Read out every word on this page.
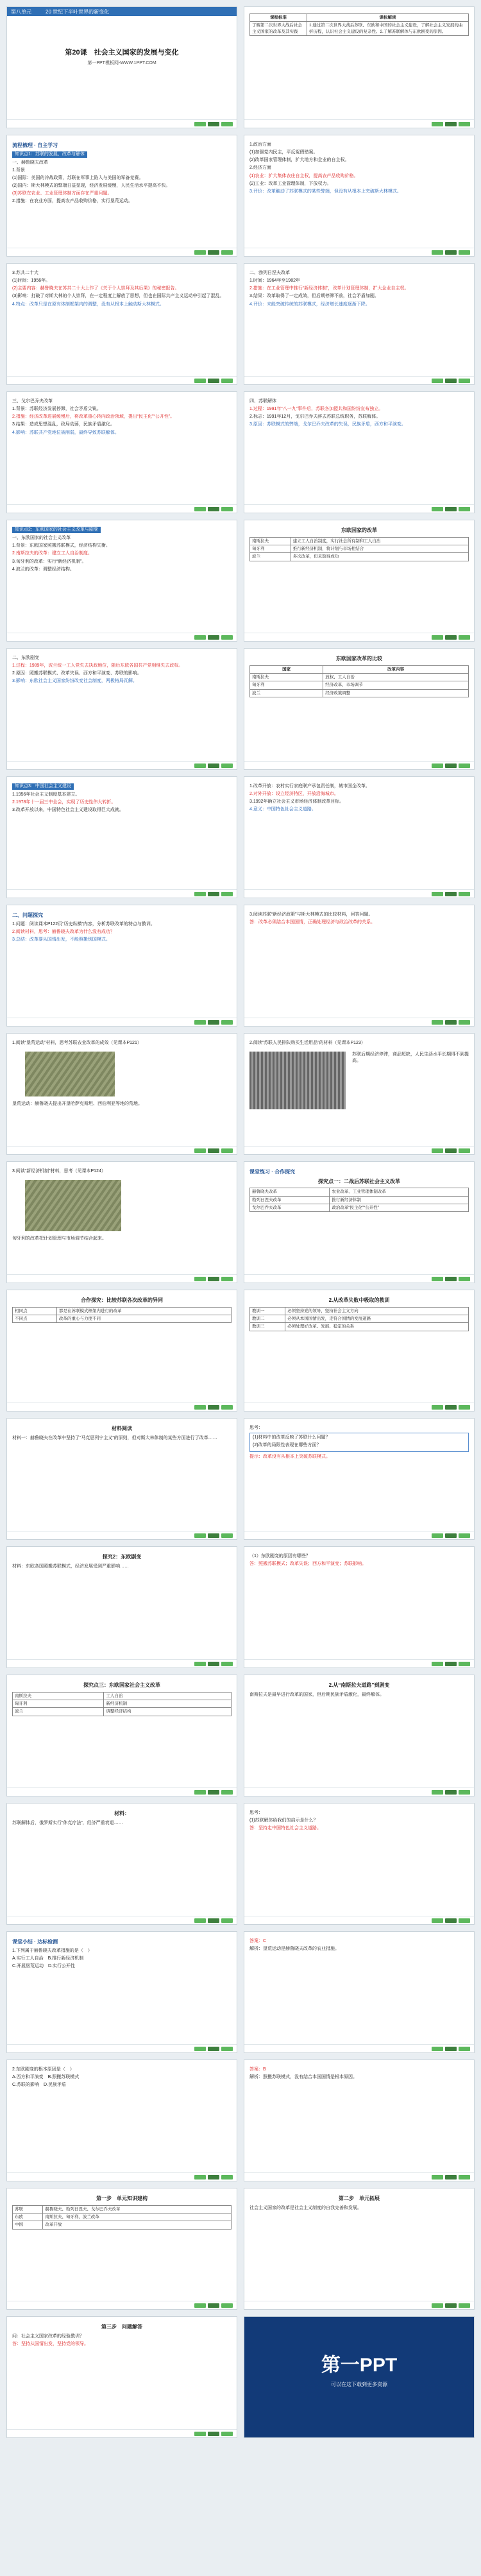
第八单元	20 世纪下半叶世界的新变化
第20课　社会主义国家的发展与变化
第一PPT模板网-WWW.1PPT.COM
课程标准	课标解读
了解第二次世界大战后社会主义国家的改革及其实践	1.通过第二次世界大战后苏联、东欧和中国的社会主义建设，了解社会主义发展的曲折历程，认识社会主义建设的复杂性。2.了解苏联解体与东欧剧变的原因。
流程梳理 · 自主学习
知识点1：苏联的发展、改革与解体

一、赫鲁晓夫改革

1.背景

(1)国际：美国的冷战政策，苏联在军事上陷入与美国的军备竞赛。

(2)国内：斯大林模式的弊端日益显现，经济发展缓慢，人民生活水平提高不快。

(3)苏联在农业、工业管理体制方面存在严重问题。

2.措施：在农业方面，提高农产品收购价格，实行垦荒运动。

1.政治方面

(1)加强党内民主，平反冤假错案。

(2)改革国家管理体制，扩大地方和企业的自主权。

2.经济方面

(1)农业：扩大集体农庄自主权，提高农产品收购价格。

(2)工业：改革工业管理体制，下放权力。

3.评价：改革触动了苏联模式的某些弊端，但没有从根本上突破斯大林模式。

3.苏共二十大

(1)时间：1956年。

(2)主要内容：赫鲁晓夫在苏共二十大上作了《关于个人崇拜及其后果》的秘密报告。

(3)影响：打破了对斯大林的个人崇拜，在一定程度上解放了思想，但也在国际共产主义运动中引起了混乱。

4.特点：改革只是在原有体制框架内的调整，没有从根本上触动斯大林模式。

二、勃列日涅夫改革

1.时间：1964年至1982年

2.措施：在工业管理中推行“新经济体制”，改革计划管理体制，扩大企业自主权。

3.结果：改革取得了一定成效，但后期停滞不前，社会矛盾加剧。

4.评价：未能突破传统的苏联模式，经济增长速度逐渐下降。

三、戈尔巴乔夫改革

1.背景：苏联经济发展停滞，社会矛盾尖锐。

2.措施：经济改革进展缓慢后，将改革重心转向政治领域，提出“民主化”“公开性”。

3.结果：造成思想混乱，政局动荡，民族矛盾激化。

4.影响：苏联共产党地位被削弱，最终导致苏联解体。

四、苏联解体

1.过程：1991年“八一九”事件后，苏联各加盟共和国纷纷宣布独立。

2.标志：1991年12月，戈尔巴乔夫辞去苏联总统职务，苏联解体。

3.原因：苏联模式的弊端，戈尔巴乔夫改革的失误，民族矛盾，西方和平演变。

知识点2：东欧国家的社会主义改革与剧变

一、东欧国家的社会主义改革

1.背景：东欧国家照搬苏联模式，经济结构失衡。

2.南斯拉夫的改革：建立工人自治制度。

3.匈牙利的改革：实行“新经济机制”。

4.波兰的改革：调整经济结构。

东欧国家的改革
南斯拉夫	建立工人自治制度，实行社会所有制和工人自治
匈牙利	推行新经济机制，将计划与市场相结合
波兰	多次改革，但未取得成功

二、东欧剧变

1.过程：1989年，波兰统一工人党失去执政地位，随后东欧各国共产党相继失去政权。

2.原因：照搬苏联模式、改革失误、西方和平演变、苏联的影响。

3.影响：东欧社会主义国家纷纷改变社会制度，两极格局瓦解。

东欧国家改革的比较
国家	改革内容
南斯拉夫	放权、工人自治
匈牙利	经济改革，市场调节
波兰	经济政策调整
知识点3：中国社会主义建设

1.1956年社会主义制度基本建立。

2.1978年十一届三中全会，实现了历史性伟大转折。

3.改革开放以来，中国特色社会主义建设取得巨大成就。

1.改革开放：农村实行家庭联产承包责任制，城市国企改革。

2.对外开放：设立经济特区，开放沿海城市。

3.1992年确立社会主义市场经济体制改革目标。

4.意义：中国特色社会主义道路。

二、问题探究

1.问题：阅读课本P122页“历史纵横”内容，分析苏联改革的特点与教训。

2.阅读材料，思考：赫鲁晓夫改革为什么没有成功？

3.总结：改革要从国情出发，不能照搬别国模式。

3.阅读苏联“新经济政策”与斯大林模式的比较材料，回答问题。

答：改革必须结合本国国情，正确处理经济与政治改革的关系。

1.阅读“垦荒运动”材料，思考苏联农业改革的成效（见课本P121）

垦荒运动：赫鲁晓夫提出开垦哈萨克斯坦、西伯利亚等地的荒地。

2.阅读“苏联人民排队购买生活用品”的材料（见课本P123）

苏联后期经济停滞，商品短缺，人民生活水平长期得不到提高。

3.阅读“新经济机制”材料，思考（见课本P124）

匈牙利的改革把计划管理与市场调节结合起来。

课堂练习 · 合作探究
探究点一：二战后苏联社会主义改革
赫鲁晓夫改革	农业改革、工业管理体制改革
勃列日涅夫改革	推行新经济体制
戈尔巴乔夫改革	政治改革“民主化”“公开性”
合作探究：比较苏联各次改革的异同
相同点	都是在苏联模式框架内进行的改革
不同点	改革的重心与力度不同
2.从改革失败中吸取的教训
教训一	必须坚持党的领导，坚持社会主义方向
教训二	必须从本国国情出发，走符合国情的发展道路
教训三	必须处理好改革、发展、稳定的关系
材料阅读

材料一：赫鲁晓夫在改革中坚持了“马克思列宁主义”的原则，但对斯大林体制的某些方面进行了改革……

思考：

(1)材料中的改革反映了苏联什么问题？

(2)改革的局限性表现在哪些方面？

提示：改革没有从根本上突破苏联模式。

探究2：东欧剧变

材料：东欧各国照搬苏联模式，经济发展受到严重影响……

（1）东欧剧变的原因有哪些？

答：照搬苏联模式；改革失误；西方和平演变；苏联影响。

探究点三：东欧国家社会主义改革
南斯拉夫	工人自治
匈牙利	新经济机制
波兰	调整经济结构
2.从“南斯拉夫道路”到剧变

南斯拉夫是最早进行改革的国家，但后期民族矛盾激化，最终解体。

材料：

苏联解体后，俄罗斯实行“休克疗法”，经济严重衰退……

思考：

(1)苏联解体给我们的启示是什么？

答：坚持走中国特色社会主义道路。

课堂小结 · 达标检测

1.下列属于赫鲁晓夫改革措施的是（　）

A.实行工人自治　B.推行新经济机制

C.开展垦荒运动　D.实行公开性

答案：C

解析：垦荒运动是赫鲁晓夫改革的农业措施。

2.东欧剧变的根本原因是（　）

A.西方和平演变　B.照搬苏联模式

C.苏联的影响　D.民族矛盾

答案：B

解析：照搬苏联模式，没有结合本国国情是根本原因。

第一步　单元知识建构
苏联	赫鲁晓夫、勃列日涅夫、戈尔巴乔夫改革
东欧	南斯拉夫、匈牙利、波兰改革
中国	改革开放
第二步　单元拓展

社会主义国家的改革是社会主义制度的自我完善和发展。

第三步　问题解答

问：社会主义国家改革的经验教训？

答：坚持从国情出发，坚持党的领导。

第一PPT
可以在这下载到更多资源
